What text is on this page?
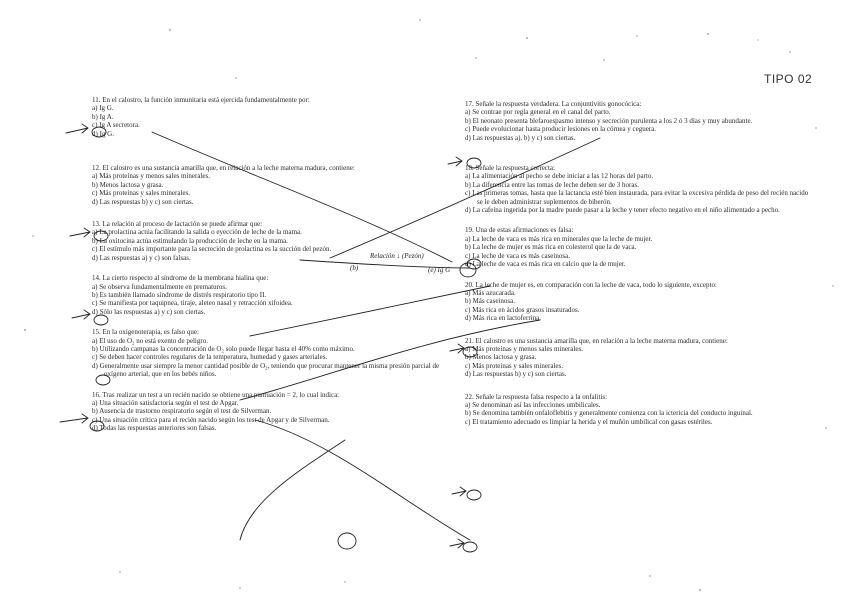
TIPO 02

11. En el calostro, la función inmunitaria está ejercida fundamentalmente por:

a) Ig G.

b) Ig A.

c) Ig A secretora.

d) Ig G.

12. El calostro es una sustancia amarilla que, en relación a la leche materna madura, contiene:

a) Más proteínas y menos sales minerales.

b) Menos lactosa y grasa.

c) Más proteínas y sales minerales.

d) Las respuestas b) y c) son ciertas.

13. La relación al proceso de lactación se puede afirmar que:

a) La prolactina actúa facilitando la salida o eyección de leche de la mama.

b) La oxitocina actúa estimulando la producción de leche en la mama.

c) El estímulo más importante para la secreción de prolactina es la succión del pezón.

d) Las respuestas a) y c) son falsas.

14. La cierto respecto al síndrome de la membrana hialina que:

a) Se observa fundamentalmente en prematuros.

b) Es también llamado síndrome de distrés respiratorio tipo II.

c) Se manifiesta por taquipnea, tiraje, aleteo nasal y retracción xifoidea.

d) Sólo las respuestas a) y c) son ciertas.

15. En la oxigenoterapia, es falso que:

a) El uso de O₂ no está exento de peligro.

b) Utilizando campanas la concentración de O₂ solo puede llegar hasta el 40% como máximo.

c) Se deben hacer controles regulares de la temperatura, humedad y gases arteriales.

d) Generalmente usar siempre la menor cantidad posible de O₂, teniendo que procurar mantener la misma presión parcial de oxígeno arterial, que en los bebés niños.

16. Tras realizar un test a un recién nacido se obtiene una puntuación = 2, lo cual indica:

a) Una situación satisfactoria según el test de Apgar.

b) Ausencia de trastorno respiratorio según el test de Silverman.

c) Una situación crítica para el recién nacido según los test de Apgar y de Silverman.

d) Todas las respuestas anteriores son falsas.

17. Señale la respuesta verdadera. La conjuntivitis gonocócica:

a) Se contrae por regla general en el canal del parto.

b) El neonato presenta blefaroespasmo intenso y secreción purulenta a los 2 ó 3 días y muy abundante.

c) Puede evolucionar hasta producir lesiones en la córnea y ceguera.

d) Las respuestas a), b) y c) son ciertas.

18. Señale la respuesta correcta:

a) La alimentación al pecho se debe iniciar a las 12 horas del parto.

b) La diferencia entre las tomas de leche deben ser de 3 horas.

c) Las primeras tomas, hasta que la lactancia esté bien instaurada, para evitar la excesiva pérdida de peso del recién nacido se le deben administrar suplementos de biberón.

d) La cafeína ingerida por la madre puede pasar a la leche y tener efecto negativo en el niño alimentado a pecho.

19. Una de estas afirmaciones es falsa:

a) La leche de vaca es más rica en minerales que la leche de mujer.

b) La leche de mujer es más rica en colesterol que la de vaca.

c) La leche de vaca es más caseinosa.

d) La leche de vaca es más rica en calcio que la de mujer.

20. La leche de mujer es, en comparación con la leche de vaca, todo lo siguiente, excepto:

a) Más azucarada.

b) Más caseinosa.

c) Más rica en ácidos grasos insaturados.

d) Más rica en lactoferrina.

21. El calostro es una sustancia amarilla que, en relación a la leche materna madura, contiene:

a) Más proteínas y menos sales minerales.

b) Menos lactosa y grasa.

c) Más proteínas y sales minerales.

d) Las respuestas b) y c) son ciertas.

22. Señale la respuesta falsa respecto a la onfalitis:

a) Se denominan así las infecciones umbilicales.

b) Se denomina también onfaloflebitis y generalmente comienza con la ictericia del conducto inguinal.

c) El tratamiento adecuado es limpiar la herida y el muñón umbilical con gasas estériles.

Relación ↓ (Pezón)
(b)	(e) Ig G
